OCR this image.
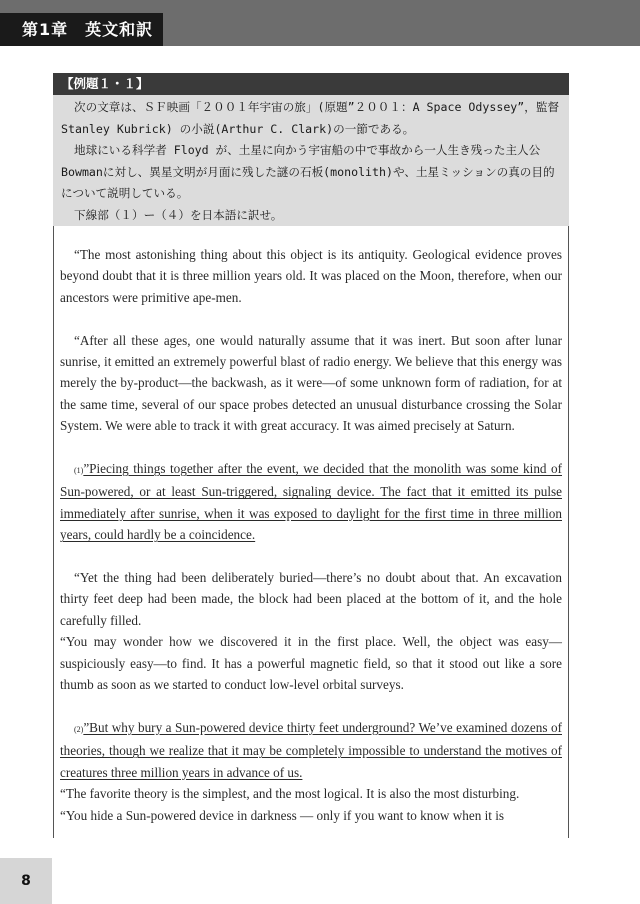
第1章　英文和訳
【例題１・１】

次の文章は、ＳＦ映画「２００１年宇宙の旅」(原題”２００１：A Space Odyssey”，監督Stanley Kubrick) の小説(Arthur C. Clark)の一節である。

地球にいる科学者 Floyd が、土星に向かう宇宙船の中で事故から一人生き残った主人公Bowmanに対し、異星文明が月面に残した謎の石板(monolith)や、土星ミッションの真の目的について説明している。

下線部（１）ー（４）を日本語に訳せ。

“The most astonishing thing about this object is its antiquity. Geological evidence proves beyond doubt that it is three million years old. It was placed on the Moon, therefore, when our ancestors were primitive ape-men.

“After all these ages, one would naturally assume that it was inert. But soon after lunar sunrise, it emitted an extremely powerful blast of radio energy. We believe that this energy was merely the by-product—the backwash, as it were—of some unknown form of radiation, for at the same time, several of our space probes detected an unusual disturbance crossing the Solar System. We were able to track it with great accuracy. It was aimed precisely at Saturn.

(1)”Piecing things together after the event, we decided that the monolith was some kind of Sun-powered, or at least Sun-triggered, signaling device. The fact that it emitted its pulse immediately after sunrise, when it was exposed to daylight for the first time in three million years, could hardly be a coincidence.

“Yet the thing had been deliberately buried—there’s no doubt about that. An excavation thirty feet deep had been made, the block had been placed at the bottom of it, and the hole carefully filled.

“You may wonder how we discovered it in the first place. Well, the object was easy—suspiciously easy—to find. It has a powerful magnetic field, so that it stood out like a sore thumb as soon as we started to conduct low-level orbital surveys.

(2)”But why bury a Sun-powered device thirty feet underground? We’ve examined dozens of theories, though we realize that it may be completely impossible to understand the motives of creatures three million years in advance of us.

“The favorite theory is the simplest, and the most logical. It is also the most disturbing.

“You hide a Sun-powered device in darkness — only if you want to know when it is

8
